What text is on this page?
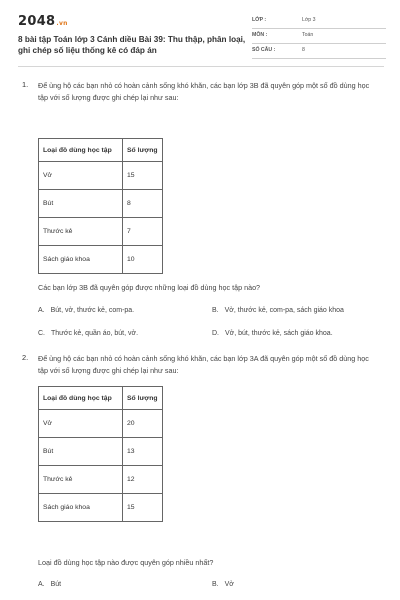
2048.vn
8 bài tập Toán lớp 3 Cánh diều Bài 39: Thu thập, phân loại, ghi chép số liệu thống kê có đáp án
LỚP :	Lớp 3
MÔN :	Toán
SỐ CÂU :	8
1. Để ủng hộ các bạn nhỏ có hoàn cảnh sống khó khăn, các bạn lớp 3B đã quyên góp một số đồ dùng học tập với số lượng được ghi chép lại như sau:
Loại đồ dùng học tập	Số lượng
Vở	15
Bút	8
Thước kẻ	7
Sách giáo khoa	10
Các bạn lớp 3B đã quyên góp được những loại đồ dùng học tập nào?
A. Bút, vở, thước kẻ, com-pa.	B. Vở, thước kẻ, com-pa, sách giáo khoa
C. Thước kẻ, quần áo, bút, vở.	D. Vở, bút, thước kẻ, sách giáo khoa.
2. Để ủng hộ các bạn nhỏ có hoàn cảnh sống khó khăn, các bạn lớp 3A đã quyên góp một số đồ dùng học tập với số lượng được ghi chép lại như sau:
Loại đồ dùng học tập	Số lượng
Vở	20
Bút	13
Thước kẻ	12
Sách giáo khoa	15
Loại đồ dùng học tập nào được quyên góp nhiều nhất?
A. Bút	B. Vở
